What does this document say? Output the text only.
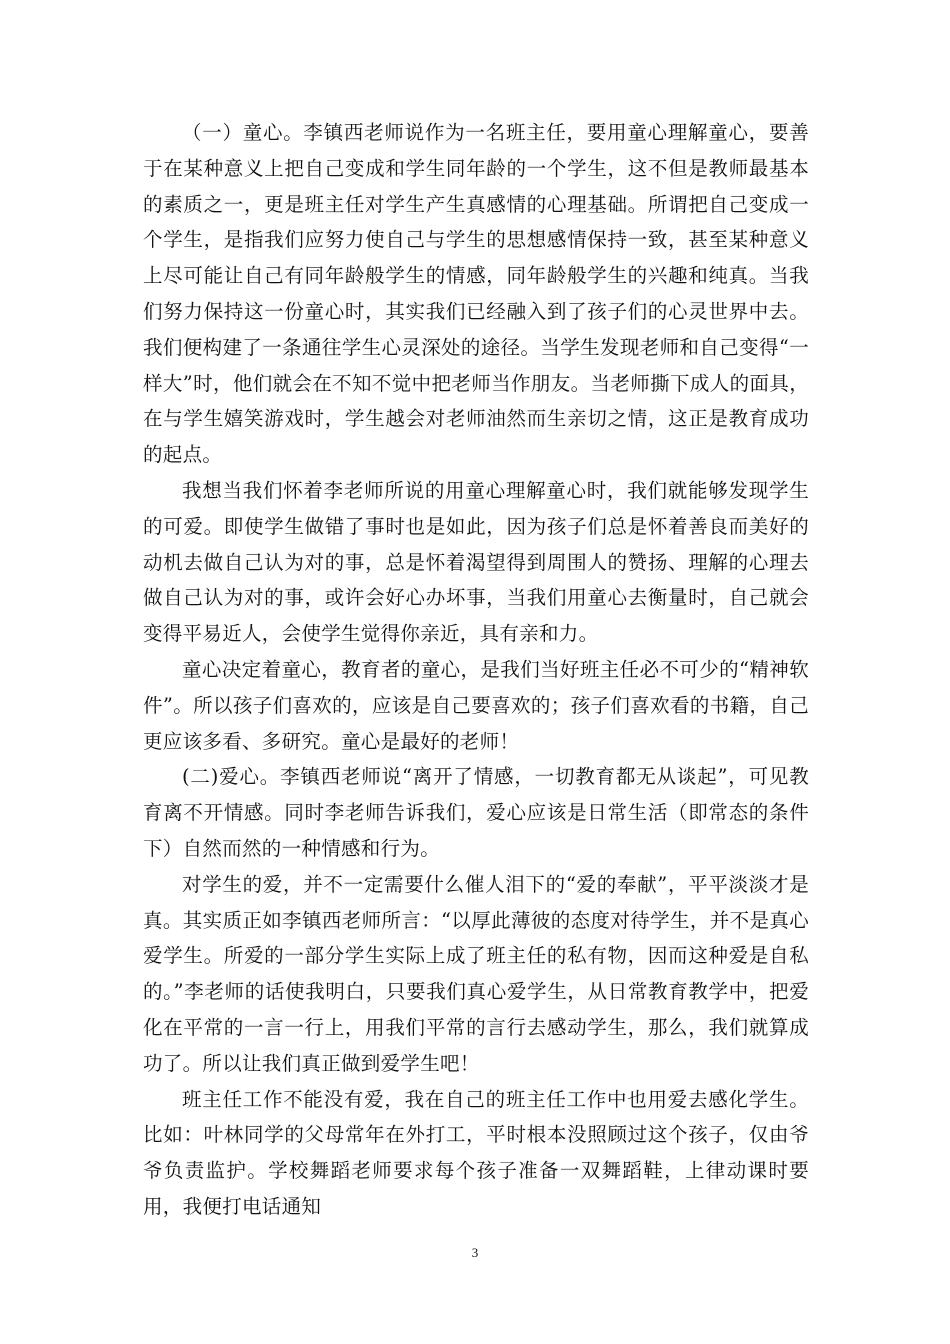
（一）童心。李镇西老师说作为一名班主任，要用童心理解童心，要善于在某种意义上把自己变成和学生同年龄的一个学生，这不但是教师最基本的素质之一，更是班主任对学生产生真感情的心理基础。所谓把自己变成一个学生，是指我们应努力使自己与学生的思想感情保持一致，甚至某种意义上尽可能让自己有同年龄般学生的情感，同年龄般学生的兴趣和纯真。当我们努力保持这一份童心时，其实我们已经融入到了孩子们的心灵世界中去。我们便构建了一条通往学生心灵深处的途径。当学生发现老师和自己变得“一样大”时，他们就会在不知不觉中把老师当作朋友。当老师撕下成人的面具，在与学生嬉笑游戏时，学生越会对老师油然而生亲切之情，这正是教育成功的起点。

我想当我们怀着李老师所说的用童心理解童心时，我们就能够发现学生的可爱。即使学生做错了事时也是如此，因为孩子们总是怀着善良而美好的动机去做自己认为对的事，总是怀着渴望得到周围人的赞扬、理解的心理去做自己认为对的事，或许会好心办坏事，当我们用童心去衡量时，自己就会变得平易近人，会使学生觉得你亲近，具有亲和力。

童心决定着童心，教育者的童心，是我们当好班主任必不可少的“精神软件”。所以孩子们喜欢的，应该是自己要喜欢的；孩子们喜欢看的书籍，自己更应该多看、多研究。童心是最好的老师！

(二)爱心。李镇西老师说“离开了情感，一切教育都无从谈起”，可见教育离不开情感。同时李老师告诉我们，爱心应该是日常生活（即常态的条件下）自然而然的一种情感和行为。

对学生的爱，并不一定需要什么催人泪下的“爱的奉献”，平平淡淡才是真。其实质正如李镇西老师所言：“以厚此薄彼的态度对待学生，并不是真心爱学生。所爱的一部分学生实际上成了班主任的私有物，因而这种爱是自私的。”李老师的话使我明白，只要我们真心爱学生，从日常教育教学中，把爱化在平常的一言一行上，用我们平常的言行去感动学生，那么，我们就算成功了。所以让我们真正做到爱学生吧！

班主任工作不能没有爱，我在自己的班主任工作中也用爱去感化学生。比如：叶林同学的父母常年在外打工，平时根本没照顾过这个孩子，仅由爷爷负责监护。学校舞蹈老师要求每个孩子准备一双舞蹈鞋，上律动课时要用，我便打电话通知

3
